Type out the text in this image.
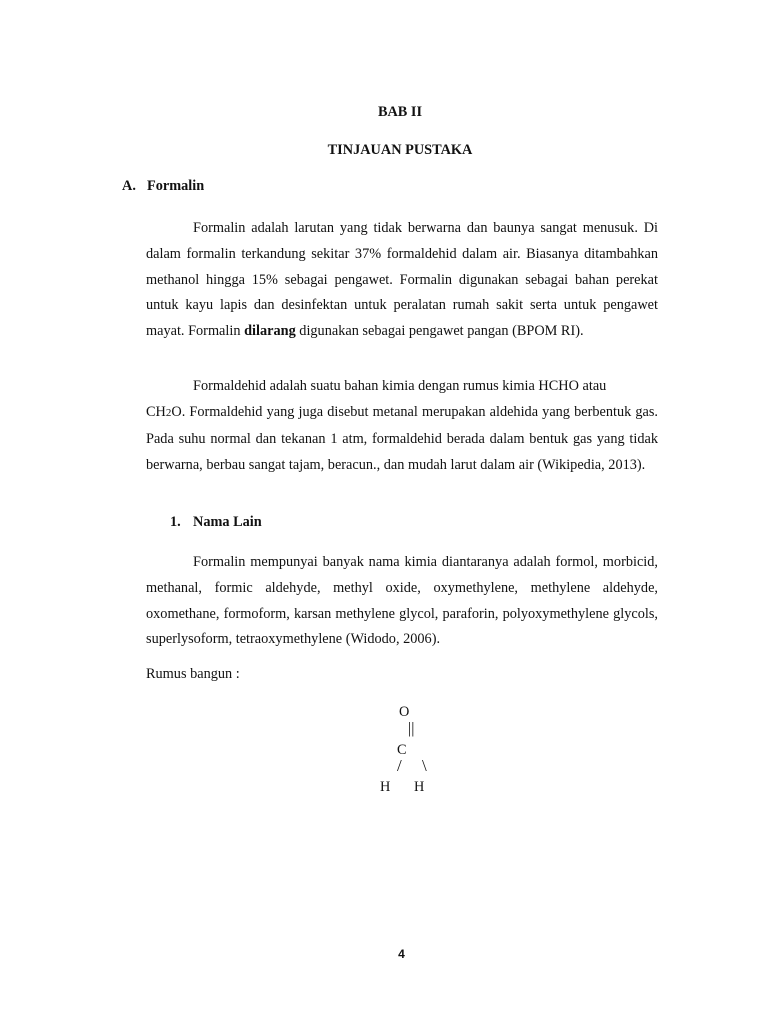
BAB II
TINJAUAN PUSTAKA
A. Formalin

Formalin adalah larutan yang tidak berwarna dan baunya sangat menusuk. Di dalam formalin terkandung sekitar 37% formaldehid dalam air. Biasanya ditambahkan methanol hingga 15% sebagai pengawet. Formalin digunakan sebagai bahan perekat untuk kayu lapis dan desinfektan untuk peralatan rumah sakit serta untuk pengawet mayat. Formalin dilarang digunakan sebagai pengawet pangan (BPOM RI).

Formaldehid adalah suatu bahan kimia dengan rumus kimia HCHO atau

CH2O. Formaldehid yang juga disebut metanal merupakan aldehida yang berbentuk gas. Pada suhu normal dan tekanan 1 atm, formaldehid berada dalam bentuk gas yang tidak berwarna, berbau sangat tajam, beracun., dan mudah larut dalam air (Wikipedia, 2013).

1. Nama Lain

Formalin mempunyai banyak nama kimia diantaranya adalah formol, morbicid, methanal, formic aldehyde, methyl oxide, oxymethylene, methylene aldehyde, oxomethane, formoform, karsan methylene glycol, paraforin, polyoxymethylene glycols, superlysoform, tetraoxymethylene (Widodo, 2006).

Rumus bangun :
O
||
C
/ \
H H
4
